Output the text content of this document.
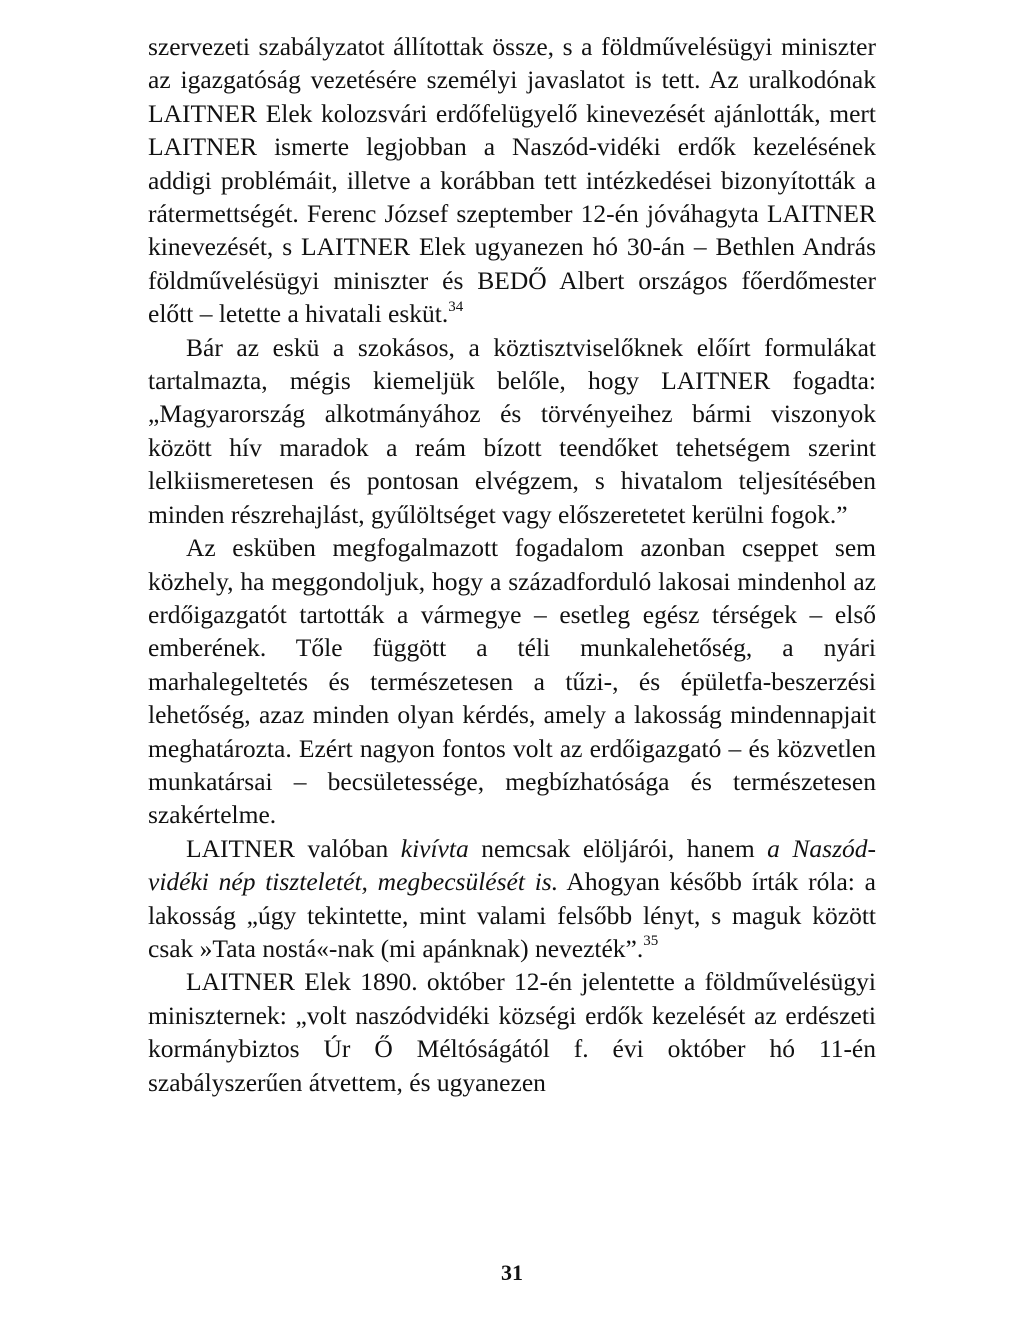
szervezeti szabályzatot állítottak össze, s a földművelésügyi miniszter az igazgatóság vezetésére személyi javaslatot is tett. Az uralkodónak LAITNER Elek kolozsvári erdőfelügyelő kinevezését ajánlották, mert LAITNER ismerte legjobban a Naszód-vidéki erdők kezelésének addigi problémáit, illetve a korábban tett intézkedései bizonyították a rátermettségét. Ferenc József szeptember 12-én jóváhagyta LAITNER kinevezését, s LAITNER Elek ugyanezen hó 30-án – Bethlen András földművelésügyi miniszter és BEDŐ Albert országos főerdőmester előtt – letette a hivatali esküt.$^{34}$

Bár az eskü a szokásos, a köztisztviselőknek előírt formulákat tartalmazta, mégis kiemeljük belőle, hogy LAITNER fogadta: „Magyarország alkotmányához és törvényeihez bármi viszonyok között hív maradok a reám bízott teendőket tehetségem szerint lelkiismeretesen és pontosan elvégzem, s hivatalom teljesítésében minden részrehajlást, gyűlöltséget vagy előszeretetet kerülni fogok.”

Az esküben megfogalmazott fogadalom azonban cseppet sem közhely, ha meggondoljuk, hogy a századforduló lakosai mindenhol az erdőigazgatót tartották a vármegye – esetleg egész térségek – első emberének. Tőle függött a téli munkalehetőség, a nyári marhalegeltetés és természetesen a tűzi-, és épületfa-beszerzési lehetőség, azaz minden olyan kérdés, amely a lakosság mindennapjait meghatározta. Ezért nagyon fontos volt az erdőigazgató – és közvetlen munkatársai – becsületessége, megbízhatósága és természetesen szakértelme.

LAITNER valóban kivívta nemcsak elöljárói, hanem a Naszód-vidéki nép tiszteletét, megbecsülését is. Ahogyan később írták róla: a lakosság „úgy tekintette, mint valami felsőbb lényt, s maguk között csak »Tata nostá«-nak (mi apánknak) nevezték”.$^{35}$

LAITNER Elek 1890. október 12-én jelentette a földművelésügyi miniszternek: „volt naszódvidéki községi erdők kezelését az erdészeti kormánybiztos Úr Ő Méltóságától f. évi október hó 11-én szabályszerűen átvettem, és ugyanezen

31
